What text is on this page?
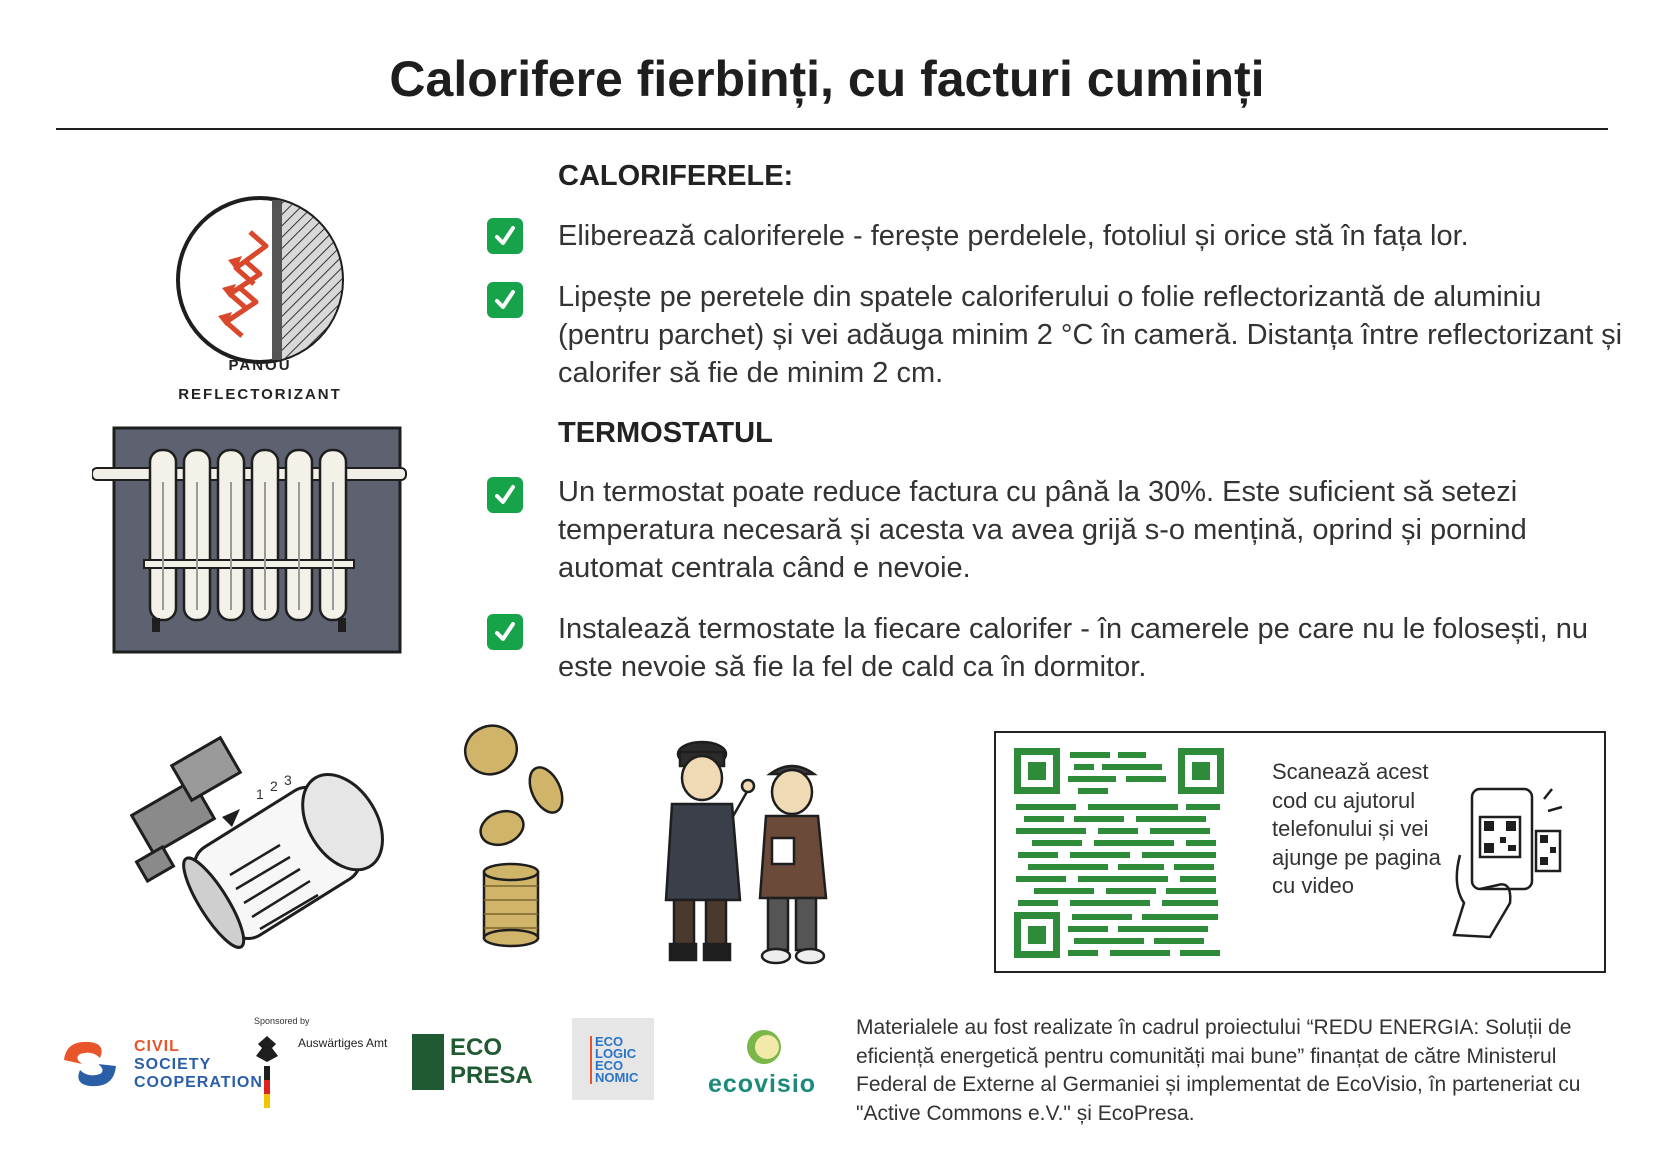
Calorifere fierbinți, cu facturi cuminți
CALORIFERELE:
Eliberează caloriferele - ferește perdelele, fotoliul și orice stă în fața lor.
Lipește pe peretele din spatele caloriferului o folie reflectorizantă de aluminiu (pentru parchet) și vei adăuga minim 2 °C în cameră. Distanța între reflectorizant și calorifer să fie de minim 2 cm.
TERMOSTATUL
Un termostat poate reduce factura cu până la 30%. Este suficient să setezi temperatura necesară și acesta va avea grijă s-o mențină, oprind și pornind automat centrala când e nevoie.
Instalează termostate la fiecare calorifer - în camerele pe care nu le folosești, nu este nevoie să fie la fel de cald ca în dormitor.
PANOU
REFLECTORIZANT
1 2 3	Scanează acest cod cu ajutorul telefonului și vei ajunge pe pagina cu video
CIVIL
SOCIETY
COOPERATION
Sponsored by
Auswärtiges Amt	ECO
PRESA
ECO
LOGIC
ECO
NOMIC	ecovisio
Materialele au fost realizate în cadrul proiectului “REDU ENERGIA: Soluții de eficiență energetică pentru comunități mai bune” finanțat de către Ministerul Federal de Externe al Germaniei și implementat de EcoVisio, în parteneriat cu "Active Commons e.V." și EcoPresa.
